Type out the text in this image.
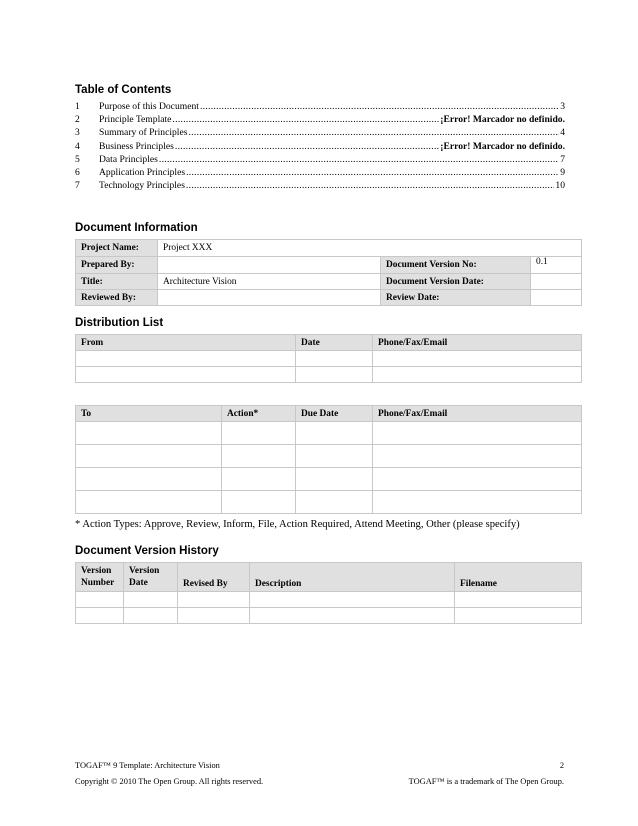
Table of Contents
1	Purpose of this Document .....	3
2	Principle Template .....	¡Error! Marcador no definido.
3	Summary of Principles .....	4
4	Business Principles .....	¡Error! Marcador no definido.
5	Data Principles .....	7
6	Application Principles .....	9
7	Technology Principles .....	10
Document Information
Project Name:	Project XXX		
Prepared By:		Document Version No:	0.1
Title:	Architecture Vision	Document Version Date:	
Reviewed By:		Review Date:	
Distribution List
From	Date	Phone/Fax/Email

To	Action*	Due Date	Phone/Fax/Email

* Action Types: Approve, Review, Inform, File, Action Required, Attend Meeting, Other (please specify)
Document Version History
Version Number	Version Date	Revised By	Description	Filename

TOGAF™ 9 Template: Architecture Vision	2
Copyright © 2010 The Open Group. All rights reserved.	TOGAF™ is a trademark of The Open Group.
